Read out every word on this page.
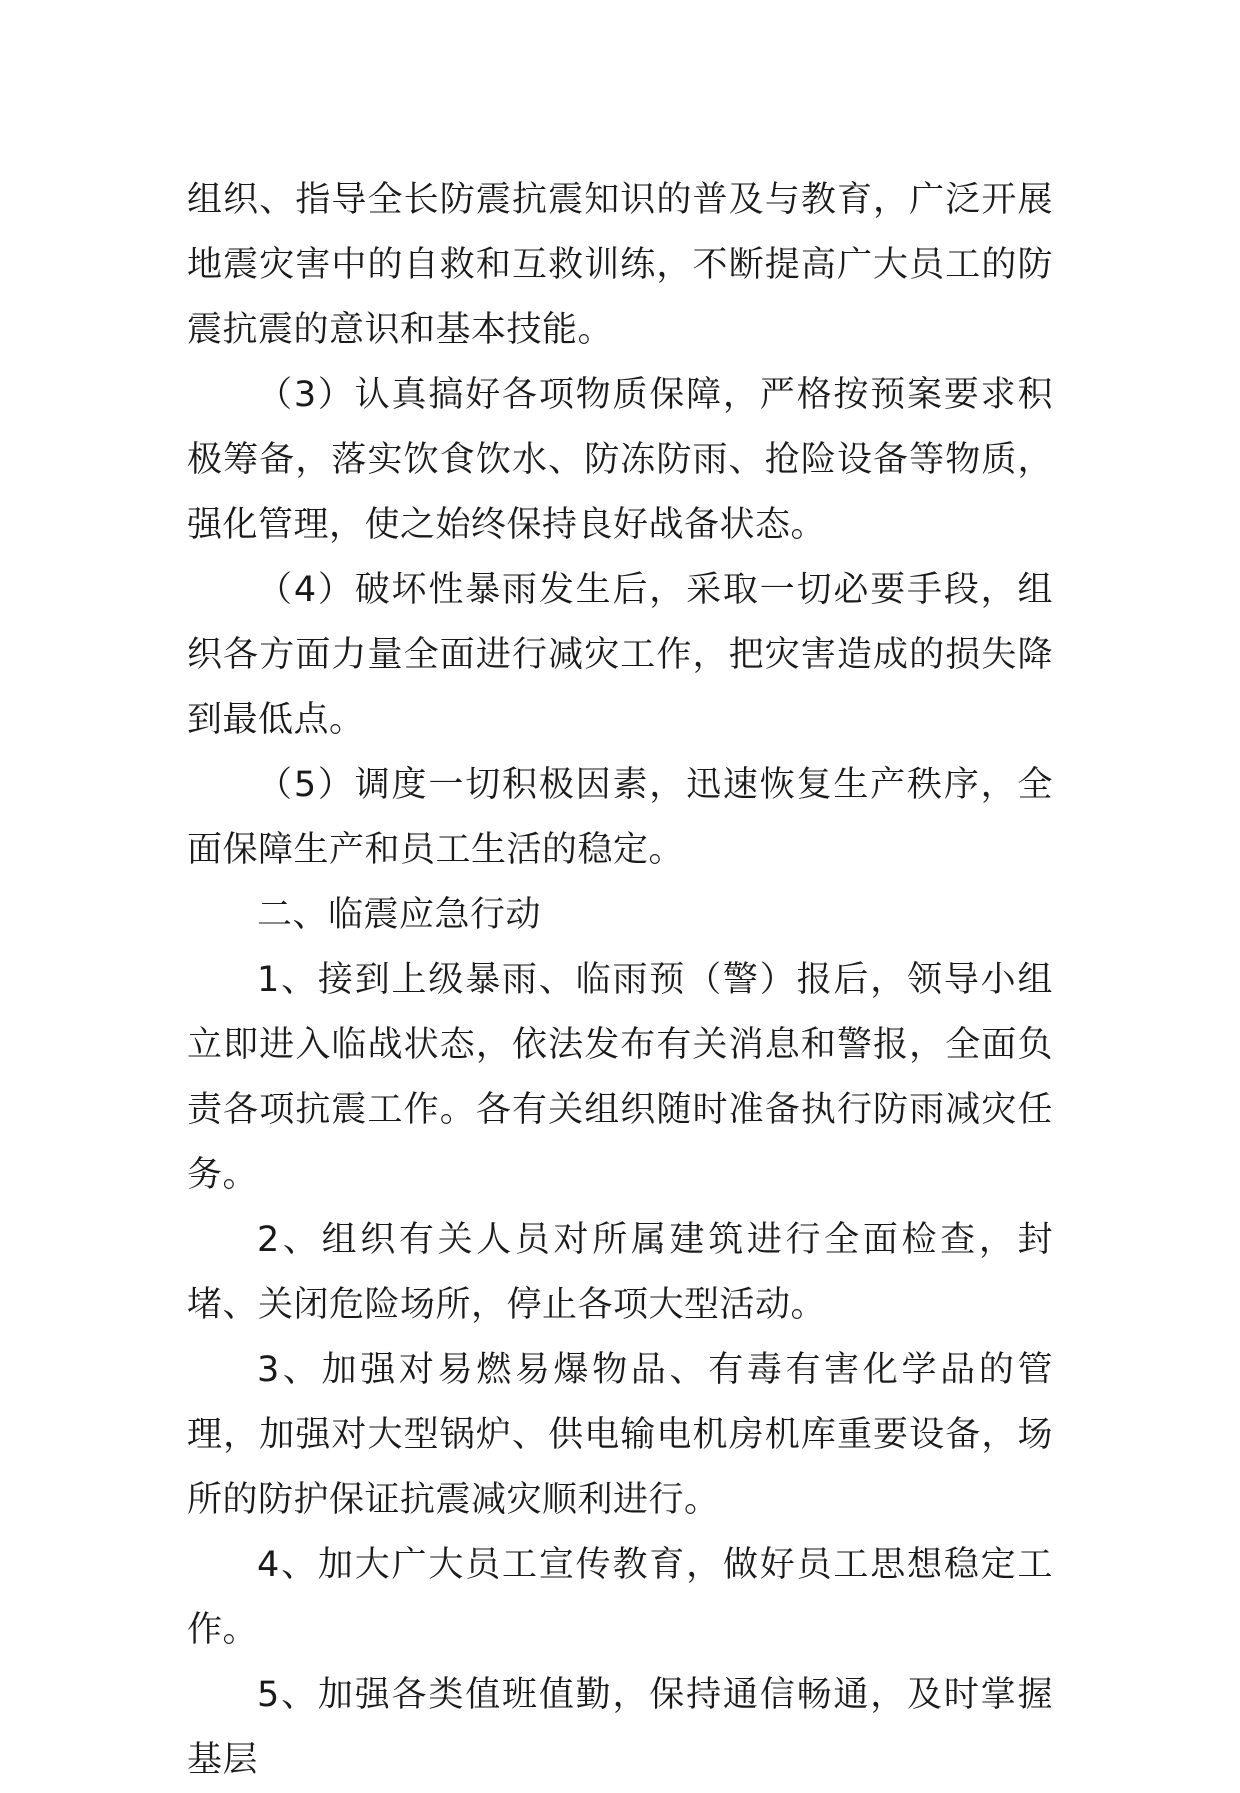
组织、指导全长防震抗震知识的普及与教育，广泛开展地震灾害中的自救和互救训练，不断提高广大员工的防震抗震的意识和基本技能。

（3）认真搞好各项物质保障，严格按预案要求积极筹备，落实饮食饮水、防冻防雨、抢险设备等物质，强化管理，使之始终保持良好战备状态。

（4）破坏性暴雨发生后，采取一切必要手段，组织各方面力量全面进行减灾工作，把灾害造成的损失降到最低点。

（5）调度一切积极因素，迅速恢复生产秩序，全面保障生产和员工生活的稳定。

二、临震应急行动

1、接到上级暴雨、临雨预（警）报后，领导小组立即进入临战状态，依法发布有关消息和警报，全面负责各项抗震工作。各有关组织随时准备执行防雨减灾任务。

2、组织有关人员对所属建筑进行全面检查，封堵、关闭危险场所，停止各项大型活动。

3、加强对易燃易爆物品、有毒有害化学品的管理，加强对大型锅炉、供电输电机房机库重要设备，场所的防护保证抗震减灾顺利进行。

4、加大广大员工宣传教育，做好员工思想稳定工作。

5、加强各类值班值勤，保持通信畅通，及时掌握基层
